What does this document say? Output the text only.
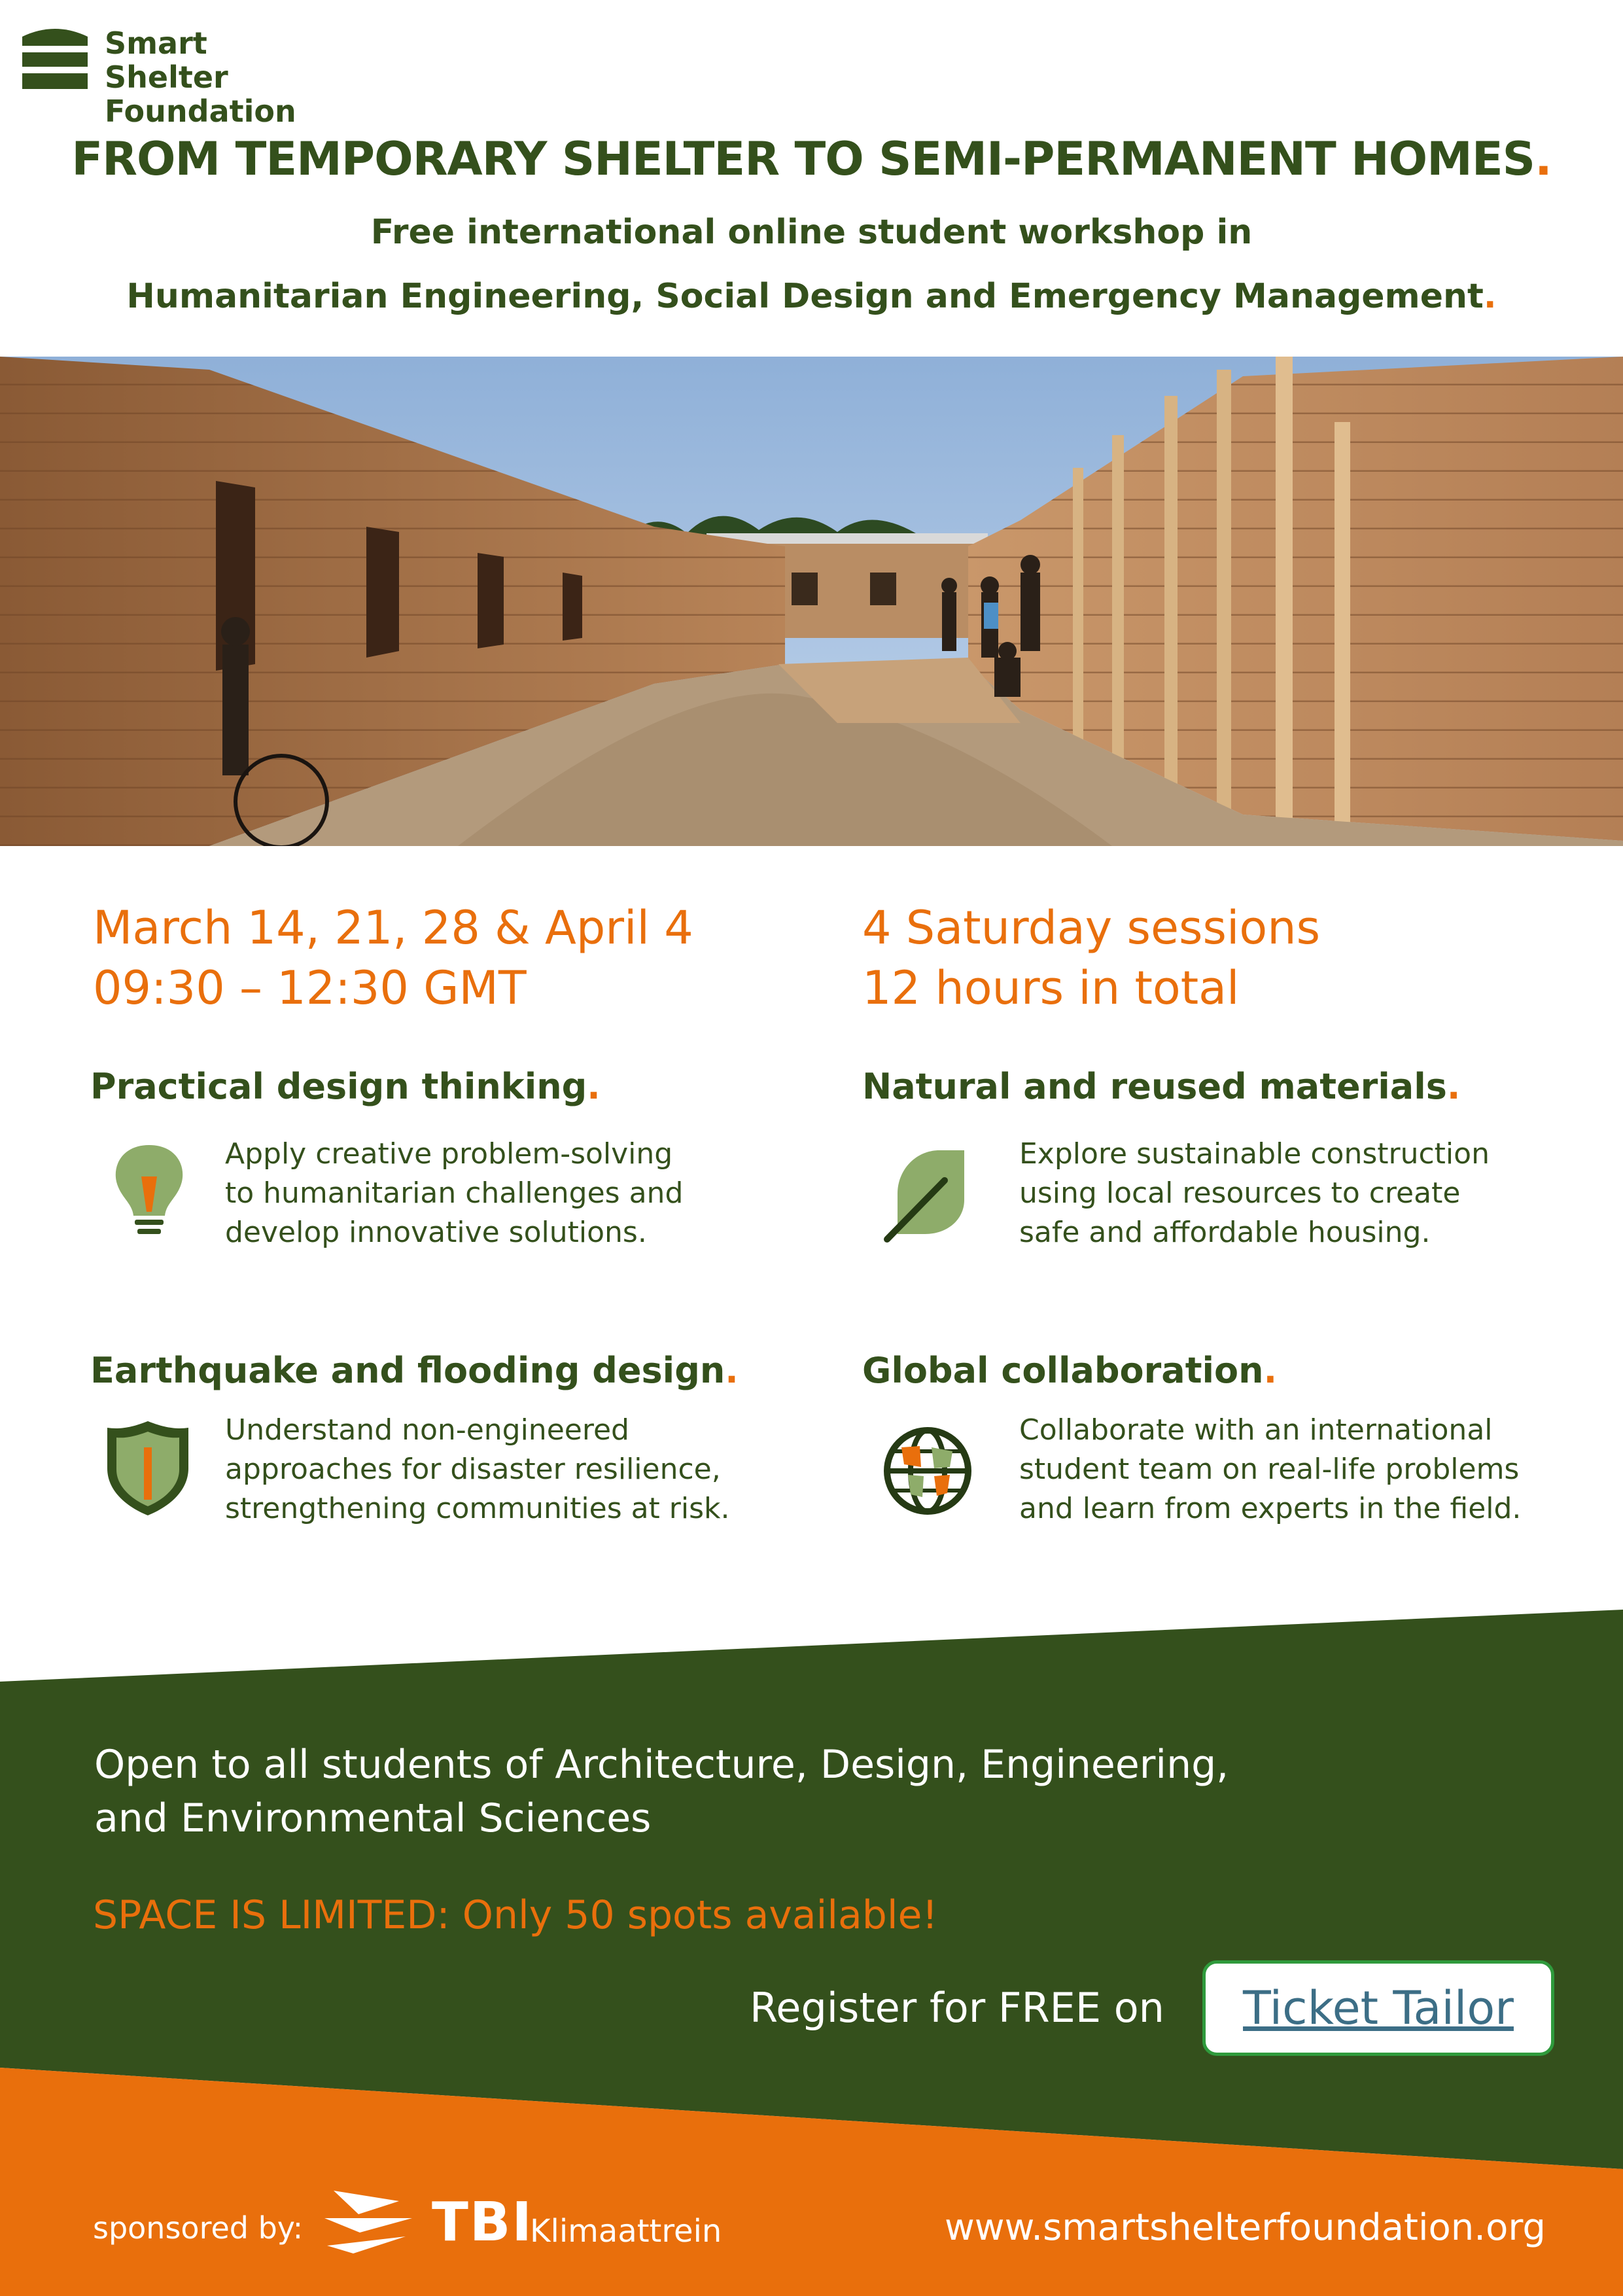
Smart Shelter
Foundation
FROM TEMPORARY SHELTER TO SEMI-PERMANENT HOMES.
Free international online student workshop in
Humanitarian Engineering, Social Design and Emergency Management.
March 14, 21, 28 & April 4
09:30 – 12:30 GMT
4 Saturday sessions
12 hours in total
Practical design thinking.
Apply creative problem-solving
to humanitarian challenges and
develop innovative solutions.
Natural and reused materials.
Explore sustainable construction
using local resources to create
safe and affordable housing.
Earthquake and flooding design.
Understand non-engineered
approaches for disaster resilience,
strengthening communities at risk.
Global collaboration.
Collaborate with an international
student team on real-life problems
and learn from experts in the field.
Open to all students of Architecture, Design, Engineering,
and Environmental Sciences
SPACE IS LIMITED: Only 50 spots available!
Register for FREE on	Ticket Tailor
sponsored by: TBI
Klimaattrein	www.smartshelterfoundation.org
